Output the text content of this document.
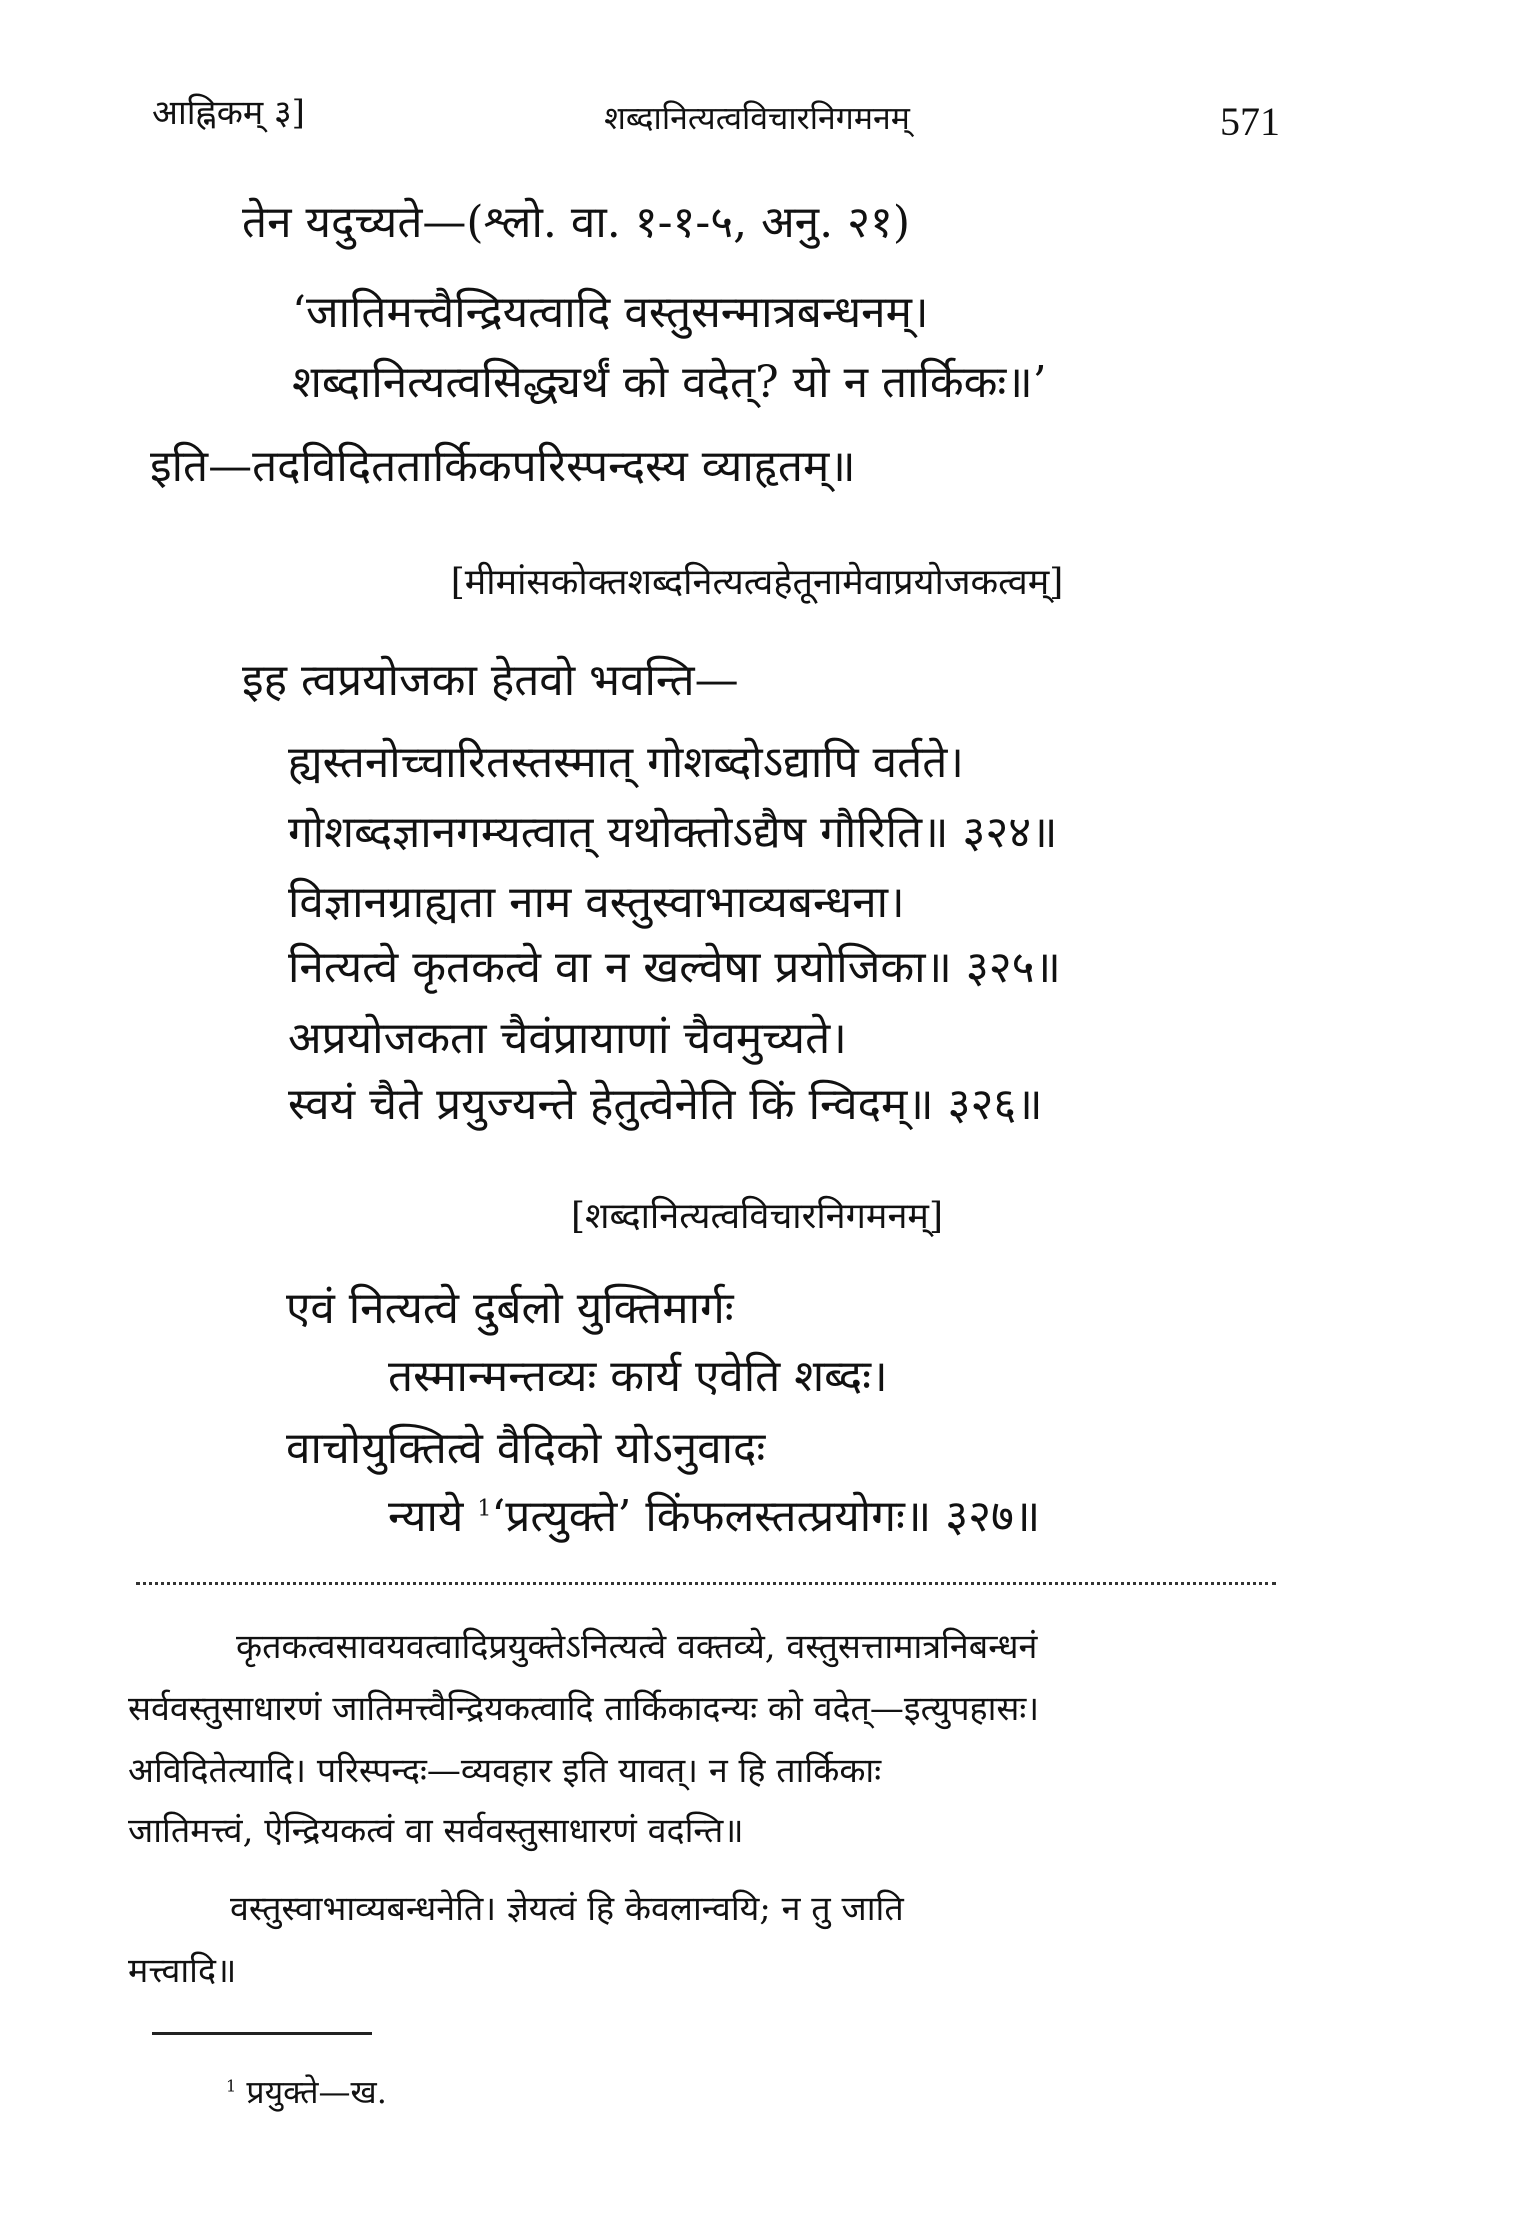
आह्निकम् ३]	शब्दानित्यत्वविचारनिगमनम्	571
तेन यदुच्यते—(श्लो. वा. १-१-५, अनु. २१)
‘जातिमत्त्वैन्द्रियत्वादि वस्तुसन्मात्रबन्धनम्।
शब्दानित्यत्वसिद्ध्यर्थं को वदेत्? यो न तार्किकः॥’
इति—तदविदिततार्किकपरिस्पन्दस्य व्याहृतम्॥
[मीमांसकोक्तशब्दनित्यत्वहेतूनामेवाप्रयोजकत्वम्]
इह त्वप्रयोजका हेतवो भवन्ति—
ह्यस्तनोच्चारितस्तस्मात् गोशब्दोऽद्यापि वर्तते।
गोशब्दज्ञानगम्यत्वात् यथोक्तोऽद्यैष गौरिति॥ ३२४॥
विज्ञानग्राह्यता नाम वस्तुस्वाभाव्यबन्धना।
नित्यत्वे कृतकत्वे वा न खल्वेषा प्रयोजिका॥ ३२५॥
अप्रयोजकता चैवंप्रायाणां चैवमुच्यते।
स्वयं चैते प्रयुज्यन्ते हेतुत्वेनेति किं न्विदम्॥ ३२६॥
[शब्दानित्यत्वविचारनिगमनम्]
एवं नित्यत्वे दुर्बलो युक्तिमार्गः
तस्मान्मन्तव्यः कार्य एवेति शब्दः।
वाचोयुक्तित्वे वैदिको योऽनुवादः
न्याये $^1$‘प्रत्युक्ते’ किंफलस्तत्प्रयोगः॥ ३२७॥
कृतकत्वसावयवत्वादिप्रयुक्तेऽनित्यत्वे वक्तव्ये, वस्तुसत्तामात्रनिबन्धनं
सर्ववस्तुसाधारणं जातिमत्त्वैन्द्रियकत्वादि तार्किकादन्यः को वदेत्—इत्युपहासः।
अविदितेत्यादि। परिस्पन्दः—व्यवहार इति यावत्। न हि तार्किकाः
जातिमत्त्वं, ऐन्द्रियकत्वं वा सर्ववस्तुसाधारणं वदन्ति॥
वस्तुस्वाभाव्यबन्धनेति। ज्ञेयत्वं हि केवलान्वयि; न तु जाति
मत्त्वादि॥
$^1$ प्रयुक्ते—ख.
